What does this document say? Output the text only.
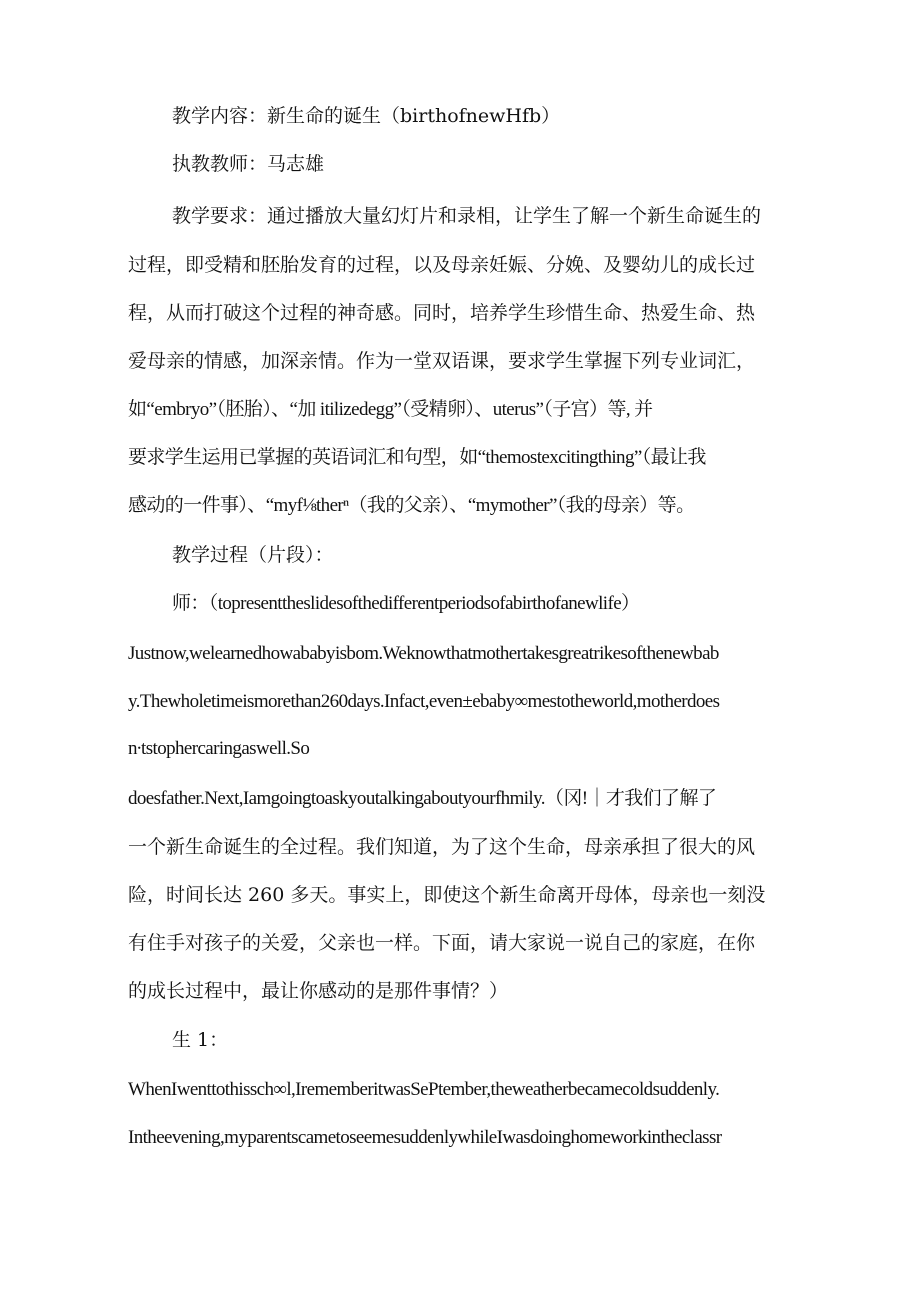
教学内容：新生命的诞生（birthofnewHfb）
执教教师：马志雄
教学要求：通过播放大量幻灯片和录相，让学生了解一个新生命诞生的
过程，即受精和胚胎发育的过程，以及母亲妊娠、分娩、及婴幼儿的成长过
程，从而打破这个过程的神奇感。同时，培养学生珍惜生命、热爱生命、热
爱母亲的情感，加深亲情。作为一堂双语课，要求学生掌握下列专业词汇，
如“embryo”（胚胎）、“加 itilizedegg”（受精卵）、uterus”（子宫）等, 并
要求学生运用已掌握的英语词汇和句型，如“themostexcitingthing”（最让我
感动的一件事）、“myf⅛therⁿ（我的父亲）、“mymother”（我的母亲）等。
教学过程（片段）：
师：（topresenttheslidesofthedifferentperiodsofabirthofanewlife）
Justnow,welearnedhowababyisbom.Weknowthatmothertakesgreatrikesofthenewbab
y.Thewholetimeismorethan260days.Infact,even±ebaby∞mestotheworld,motherdoes
n∙tstophercaringaswell.So
doesfather.Next,Iamgoingtoaskyoutalkingaboutyourfhmily.（冈!｜才我们了解了
一个新生命诞生的全过程。我们知道，为了这个生命，母亲承担了很大的风
险，时间长达 260 多天。事实上，即使这个新生命离开母体，母亲也一刻没
有住手对孩子的关爱，父亲也一样。下面，请大家说一说自己的家庭，在你
的成长过程中，最让你感动的是那件事情？）
生 1：
WhenIwenttothissch∞l,IrememberitwasSePtember,theweatherbecamecoldsuddenly.
Intheevening,myparentscametoseemesuddenlywhileIwasdoinghomeworkintheclassr
